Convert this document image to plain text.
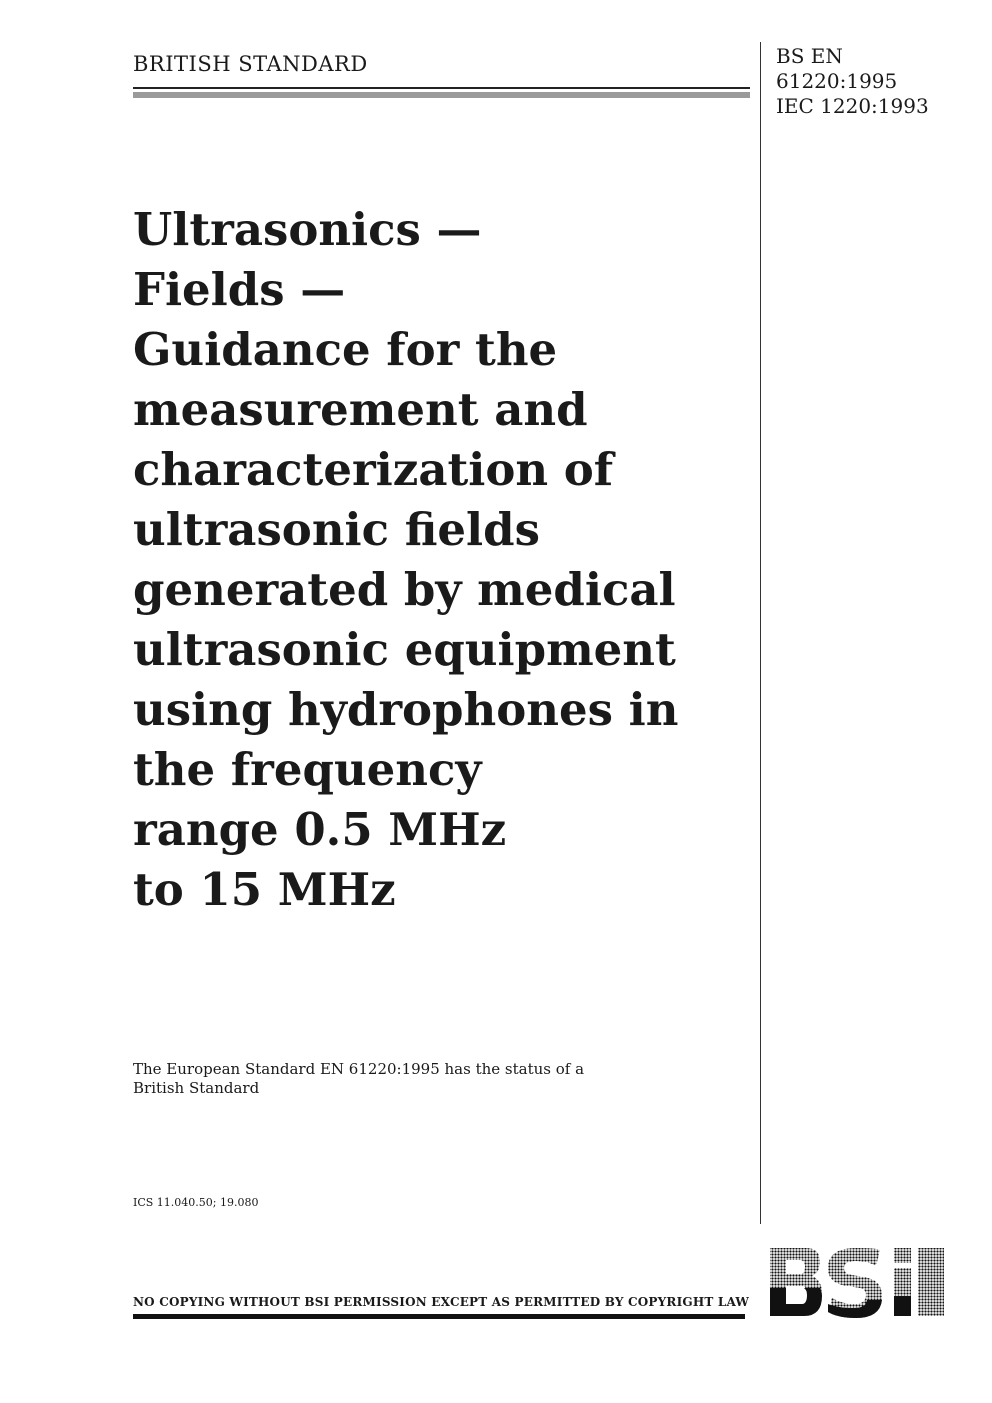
BRITISH STANDARD	BS EN
61220:1995
IEC 1220:1993
Ultrasonics —
Fields —
Guidance for the
measurement and
characterization of
ultrasonic fields
generated by medical
ultrasonic equipment
using hydrophones in
the frequency
range 0.5 MHz
to 15 MHz
The European Standard EN 61220:1995 has the status of a
British Standard
ICS 11.040.50; 19.080
NO COPYING WITHOUT BSI PERMISSION EXCEPT AS PERMITTED BY COPYRIGHT LAW
